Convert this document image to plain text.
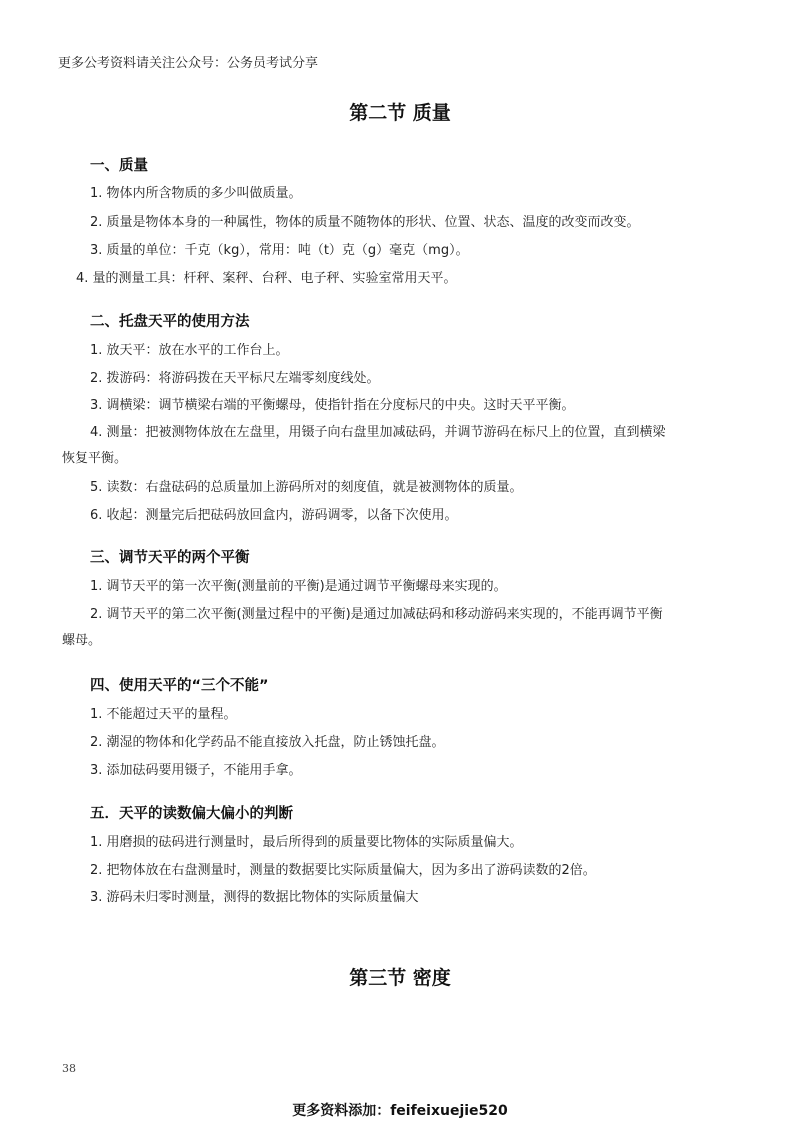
更多公考资料请关注公众号：公务员考试分享
第二节 质量
一、质量
1. 物体内所含物质的多少叫做质量。
2. 质量是物体本身的一种属性，物体的质量不随物体的形状、位置、状态、温度的改变而改变。
3. 质量的单位：千克（kg），常用：吨（t）克（g）毫克（mg）。
4. 量的测量工具：杆秤、案秤、台秤、电子秤、实验室常用天平。
二、托盘天平的使用方法
1. 放天平：放在水平的工作台上。
2. 拨游码：将游码拨在天平标尺左端零刻度线处。
3. 调横梁：调节横梁右端的平衡螺母，使指针指在分度标尺的中央。这时天平平衡。
4. 测量：把被测物体放在左盘里，用镊子向右盘里加减砝码，并调节游码在标尺上的位置，直到横梁
恢复平衡。
5. 读数：右盘砝码的总质量加上游码所对的刻度值，就是被测物体的质量。
6. 收起：测量完后把砝码放回盒内，游码调零，以备下次使用。
三、调节天平的两个平衡
1. 调节天平的第一次平衡(测量前的平衡)是通过调节平衡螺母来实现的。
2. 调节天平的第二次平衡(测量过程中的平衡)是通过加减砝码和移动游码来实现的，不能再调节平衡
螺母。
四、使用天平的“三个不能”
1. 不能超过天平的量程。
2. 潮湿的物体和化学药品不能直接放入托盘，防止锈蚀托盘。
3. 添加砝码要用镊子，不能用手拿。
五．天平的读数偏大偏小的判断
1. 用磨损的砝码进行测量时，最后所得到的质量要比物体的实际质量偏大。
2. 把物体放在右盘测量时，测量的数据要比实际质量偏大，因为多出了游码读数的2倍。
3. 游码未归零时测量，测得的数据比物体的实际质量偏大
第三节 密度
38
更多资料添加：feifeixuejie520
